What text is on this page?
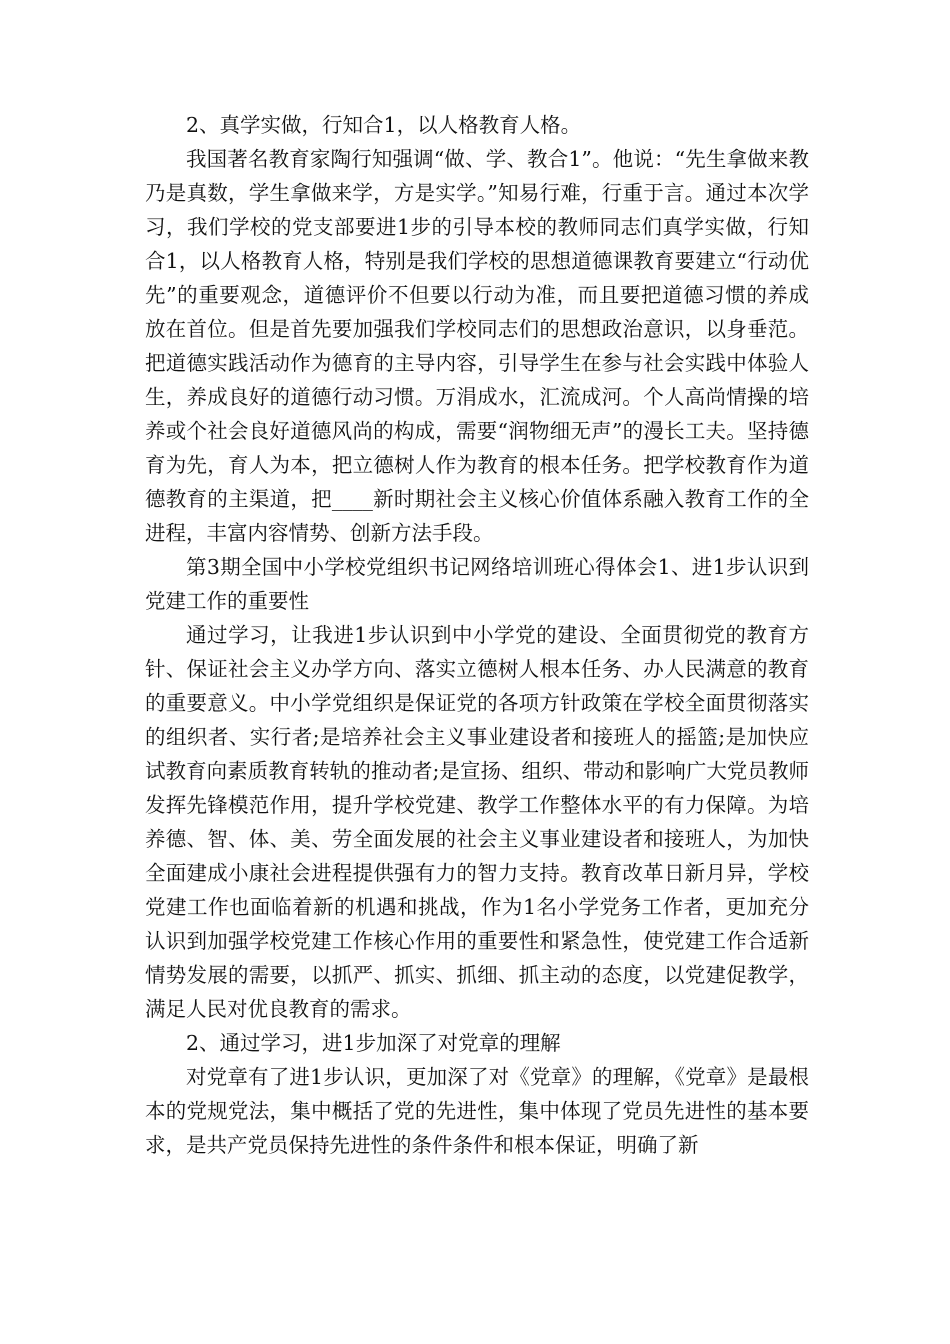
2、真学实做，行知合1，以人格教育人格。

我国著名教育家陶行知强调“做、学、教合1”。他说：“先生拿做来教乃是真数，学生拿做来学，方是实学。”知易行难，行重于言。通过本次学习，我们学校的党支部要进1步的引导本校的教师同志们真学实做，行知合1，以人格教育人格，特别是我们学校的思想道德课教育要建立“行动优先”的重要观念，道德评价不但要以行动为准，而且要把道德习惯的养成放在首位。但是首先要加强我们学校同志们的思想政治意识，以身垂范。把道德实践活动作为德育的主导内容，引导学生在参与社会实践中体验人生，养成良好的道德行动习惯。万涓成水，汇流成河。个人高尚情操的培养或个社会良好道德风尚的构成，需要“润物细无声”的漫长工夫。坚持德育为先，育人为本，把立德树人作为教育的根本任务。把学校教育作为道德教育的主渠道，把____新时期社会主义核心价值体系融入教育工作的全进程，丰富内容情势、创新方法手段。

第3期全国中小学校党组织书记网络培训班心得体会1、进1步认识到党建工作的重要性

通过学习，让我进1步认识到中小学党的建设、全面贯彻党的教育方针、保证社会主义办学方向、落实立德树人根本任务、办人民满意的教育的重要意义。中小学党组织是保证党的各项方针政策在学校全面贯彻落实的组织者、实行者;是培养社会主义事业建设者和接班人的摇篮;是加快应试教育向素质教育转轨的推动者;是宣扬、组织、带动和影响广大党员教师发挥先锋模范作用，提升学校党建、教学工作整体水平的有力保障。为培养德、智、体、美、劳全面发展的社会主义事业建设者和接班人，为加快全面建成小康社会进程提供强有力的智力支持。教育改革日新月异，学校党建工作也面临着新的机遇和挑战，作为1名小学党务工作者，更加充分认识到加强学校党建工作核心作用的重要性和紧急性，使党建工作合适新情势发展的需要，以抓严、抓实、抓细、抓主动的态度，以党建促教学，满足人民对优良教育的需求。

2、通过学习，进1步加深了对党章的理解

对党章有了进1步认识，更加深了对《党章》的理解，《党章》是最根本的党规党法，集中概括了党的先进性，集中体现了党员先进性的基本要求，是共产党员保持先进性的条件条件和根本保证，明确了新
